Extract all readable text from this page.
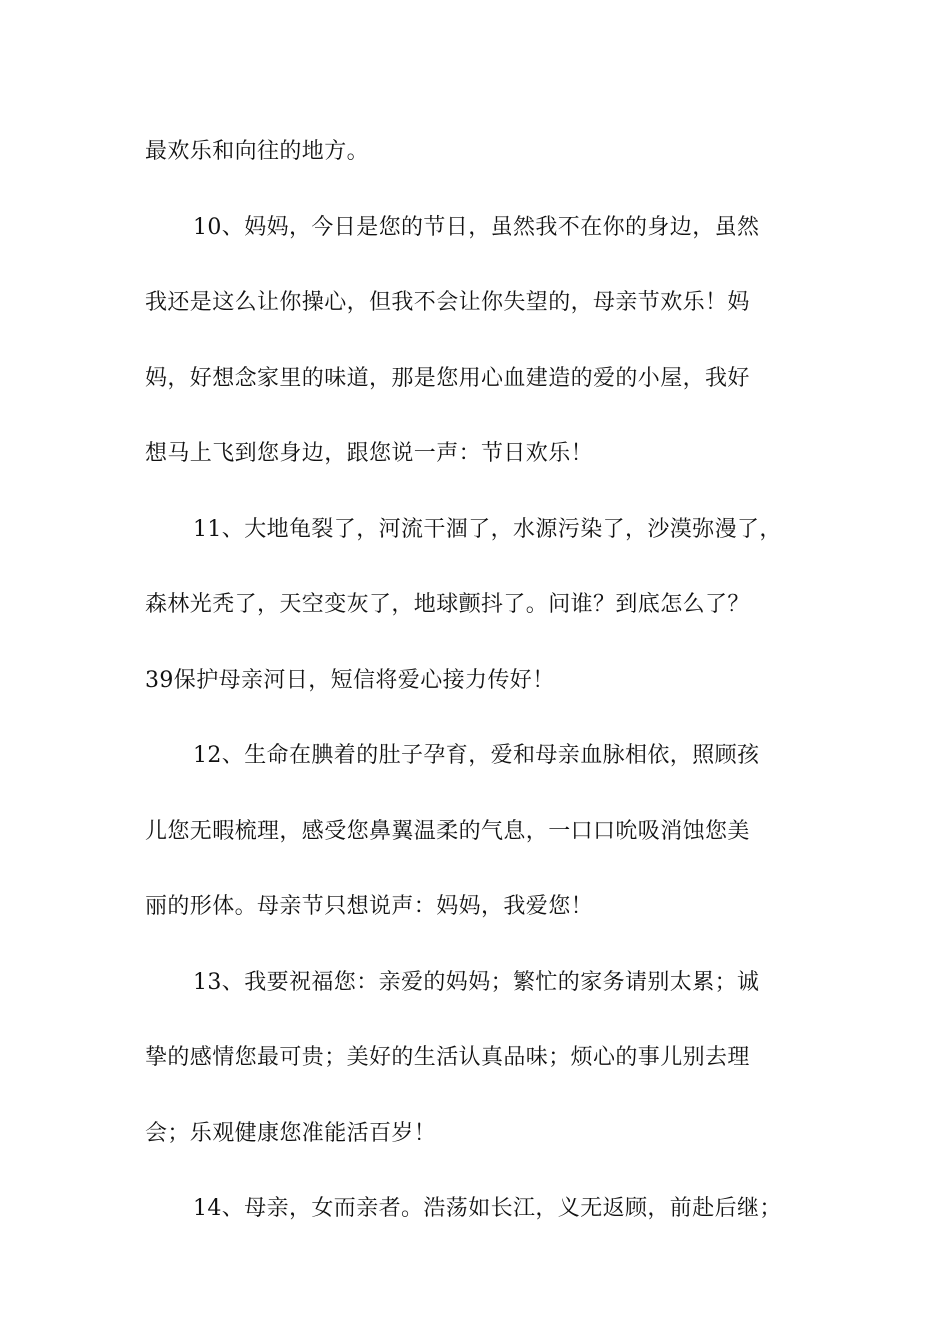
最欢乐和向往的地方。
10、妈妈，今日是您的节日，虽然我不在你的身边，虽然
我还是这么让你操心，但我不会让你失望的，母亲节欢乐！妈
妈，好想念家里的味道，那是您用心血建造的爱的小屋，我好
想马上飞到您身边，跟您说一声：节日欢乐！
11、大地龟裂了，河流干涸了，水源污染了，沙漠弥漫了，
森林光秃了，天空变灰了，地球颤抖了。问谁？到底怎么了？
39保护母亲河日，短信将爱心接力传好！
12、生命在腆着的肚子孕育，爱和母亲血脉相依，照顾孩
儿您无暇梳理，感受您鼻翼温柔的气息，一口口吮吸消蚀您美
丽的形体。母亲节只想说声：妈妈，我爱您！
13、我要祝福您：亲爱的妈妈；繁忙的家务请别太累；诚
挚的感情您最可贵；美好的生活认真品味；烦心的事儿别去理
会；乐观健康您准能活百岁！
14、母亲，女而亲者。浩荡如长江，义无返顾，前赴后继；
